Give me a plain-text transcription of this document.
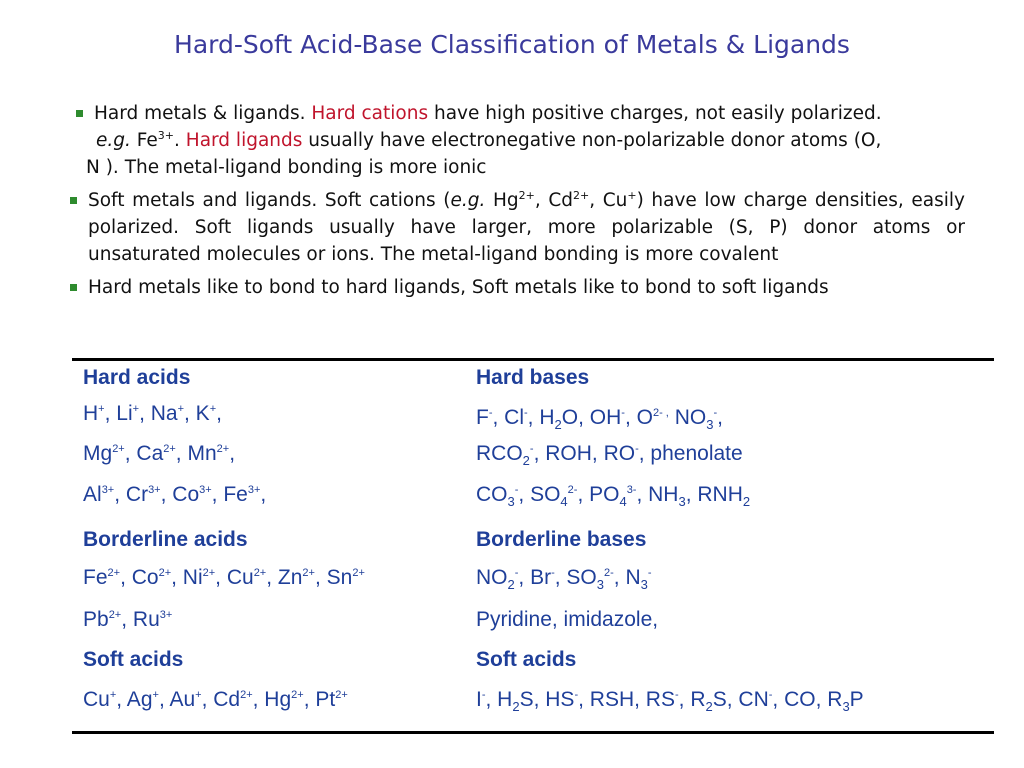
Hard-Soft Acid-Base Classification of Metals & Ligands
Hard metals & ligands. Hard cations have high positive charges, not easily polarized.
e.g. $Fe^{3+}$. Hard ligands usually have electronegative non-polarizable donor atoms (O,
N ). The metal-ligand bonding is more ionic
Soft metals and ligands. Soft cations (e.g. $Hg^{2+}$, $Cd^{2+}$, Cu+) have low charge densities, easily polarized. Soft ligands usually have larger, more polarizable (S, P) donor atoms or unsaturated molecules or ions. The metal-ligand bonding is more covalent
Hard metals like to bond to hard ligands, Soft metals like to bond to soft ligands
Hard acids	Hard bases
H+, Li+, Na+, K+,	F-, Cl-, $H_2O$, OH-, $O^{2- ,}$ $NO_3^-$,
$Mg^{2+}$, $Ca^{2+}$, $Mn^{2+}$,	$RCO_2^-$, ROH, RO-, phenolate
$Al^{3+}$, $Cr^{3+}$, $Co^{3+}$, $Fe^{3+}$,	$CO_3^-$, $SO_4^{2-}$, $PO_4^{3-}$, $NH_3$, $RNH_2$
Borderline acids	Borderline bases
$Fe^{2+}$, $Co^{2+}$, $Ni^{2+}$, $Cu^{2+}$, $Zn^{2+}$, $Sn^{2+}$	$NO_2^-$, Br-, $SO_3^{2-}$, $N_3^-$
$Pb^{2+}$, $Ru^{3+}$	Pyridine, imidazole,
Soft acids	Soft acids
Cu+, Ag+, Au+, $Cd^{2+}$, $Hg^{2+}$, $Pt^{2+}$	I-, $H_2S$, HS-, RSH, RS-, $R_2S$, CN-, CO, $R_3P$
